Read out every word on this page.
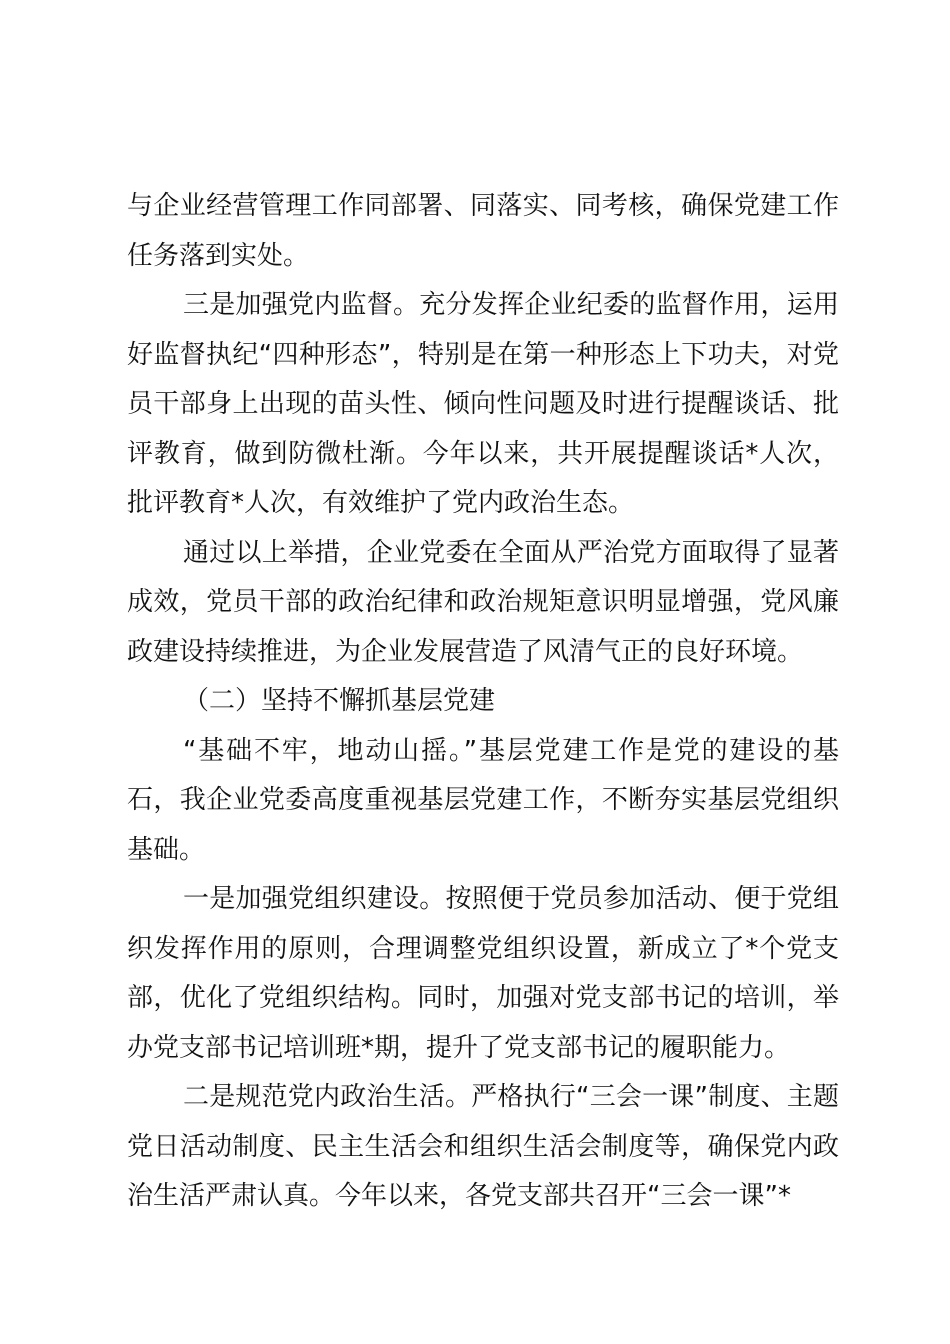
与企业经营管理工作同部署、同落实、同考核，确保党建工作任务落到实处。

三是加强党内监督。充分发挥企业纪委的监督作用，运用好监督执纪“四种形态”，特别是在第一种形态上下功夫，对党员干部身上出现的苗头性、倾向性问题及时进行提醒谈话、批评教育，做到防微杜渐。今年以来，共开展提醒谈话*人次，批评教育*人次，有效维护了党内政治生态。

通过以上举措，企业党委在全面从严治党方面取得了显著成效，党员干部的政治纪律和政治规矩意识明显增强，党风廉政建设持续推进，为企业发展营造了风清气正的良好环境。

（二）坚持不懈抓基层党建

“基础不牢，地动山摇。”基层党建工作是党的建设的基石，我企业党委高度重视基层党建工作，不断夯实基层党组织基础。

一是加强党组织建设。按照便于党员参加活动、便于党组织发挥作用的原则，合理调整党组织设置，新成立了*个党支部，优化了党组织结构。同时，加强对党支部书记的培训，举办党支部书记培训班*期，提升了党支部书记的履职能力。

二是规范党内政治生活。严格执行“三会一课”制度、主题党日活动制度、民主生活会和组织生活会制度等，确保党内政治生活严肃认真。今年以来，各党支部共召开“三会一课”*
